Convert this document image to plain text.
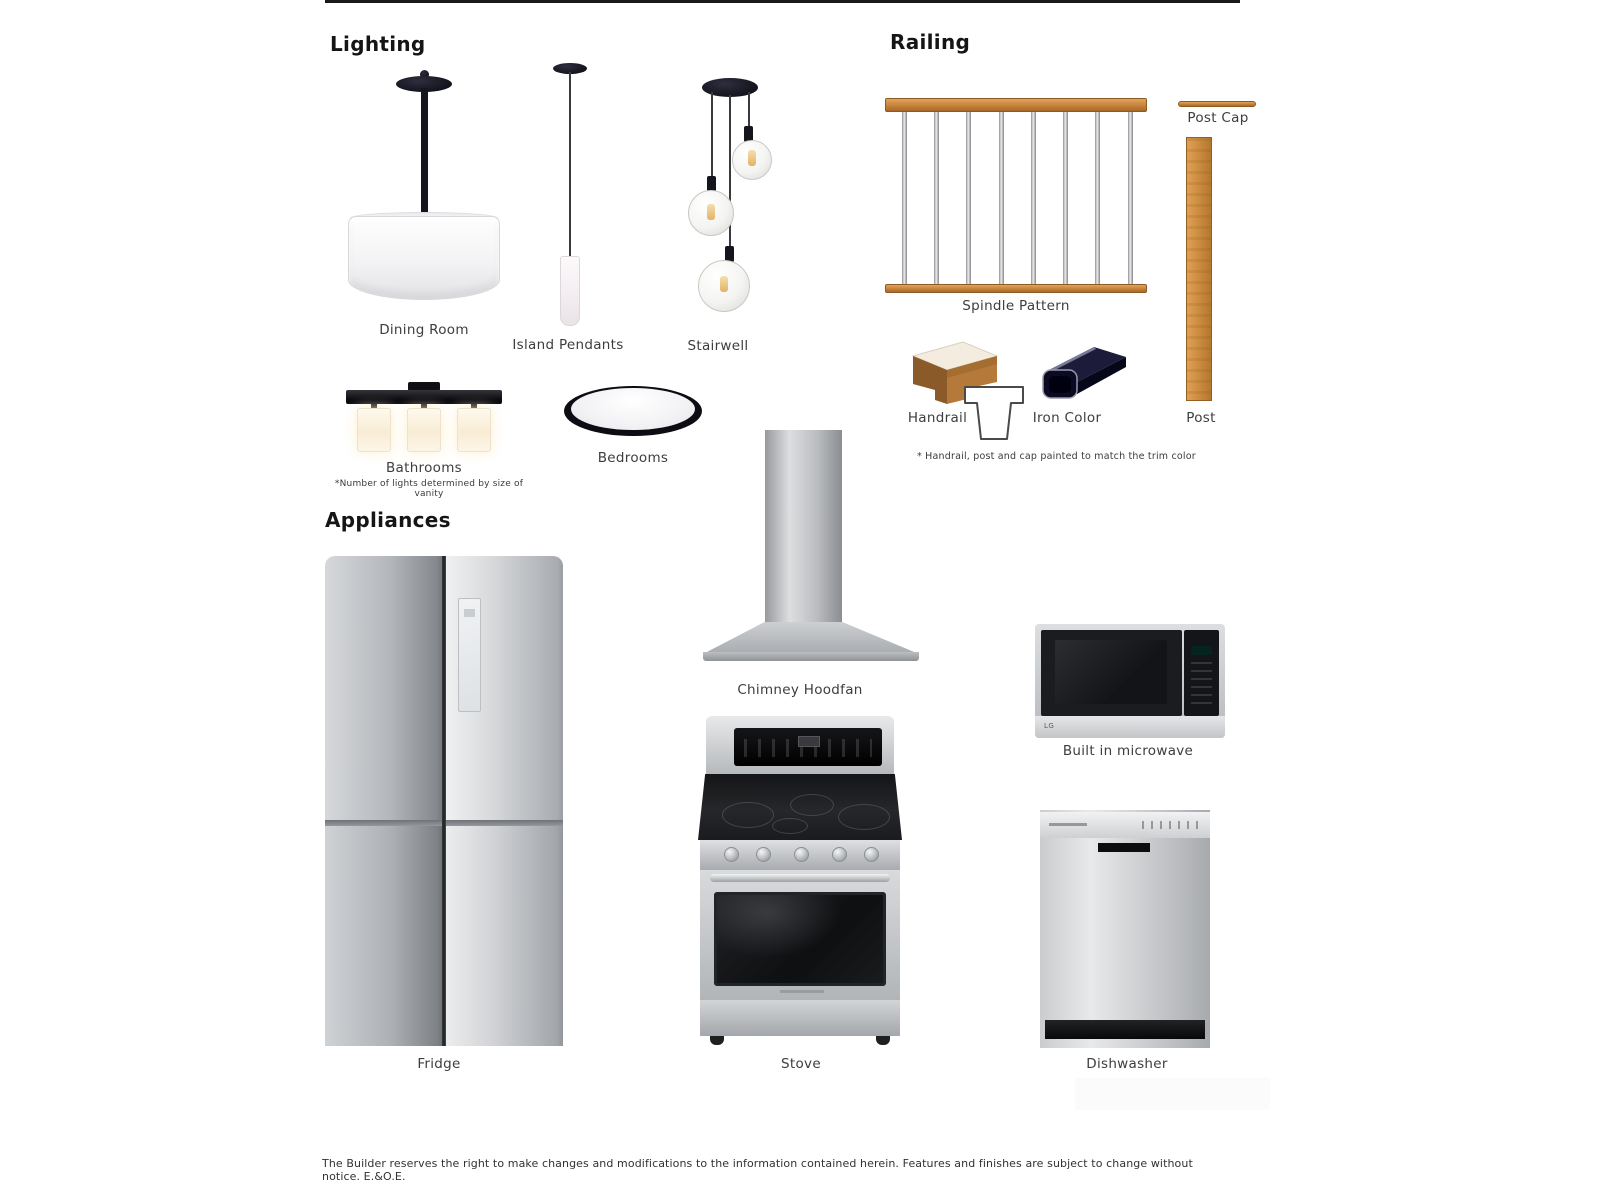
Lighting
Dining Room
Island Pendants	Stairwell
Bathrooms
*Number of lights determined by size of vanity
Bedrooms
Railing
Spindle Pattern
Post Cap
Post
Handrail	Iron Color
* Handrail, post and cap painted to match the trim color
Appliances
Fridge
Chimney Hoodfan
Stove
LG
Built in microwave
Dishwasher
The Builder reserves the right to make changes and modifications to the information contained herein. Features and finishes are subject to change without notice. E.&O.E.
